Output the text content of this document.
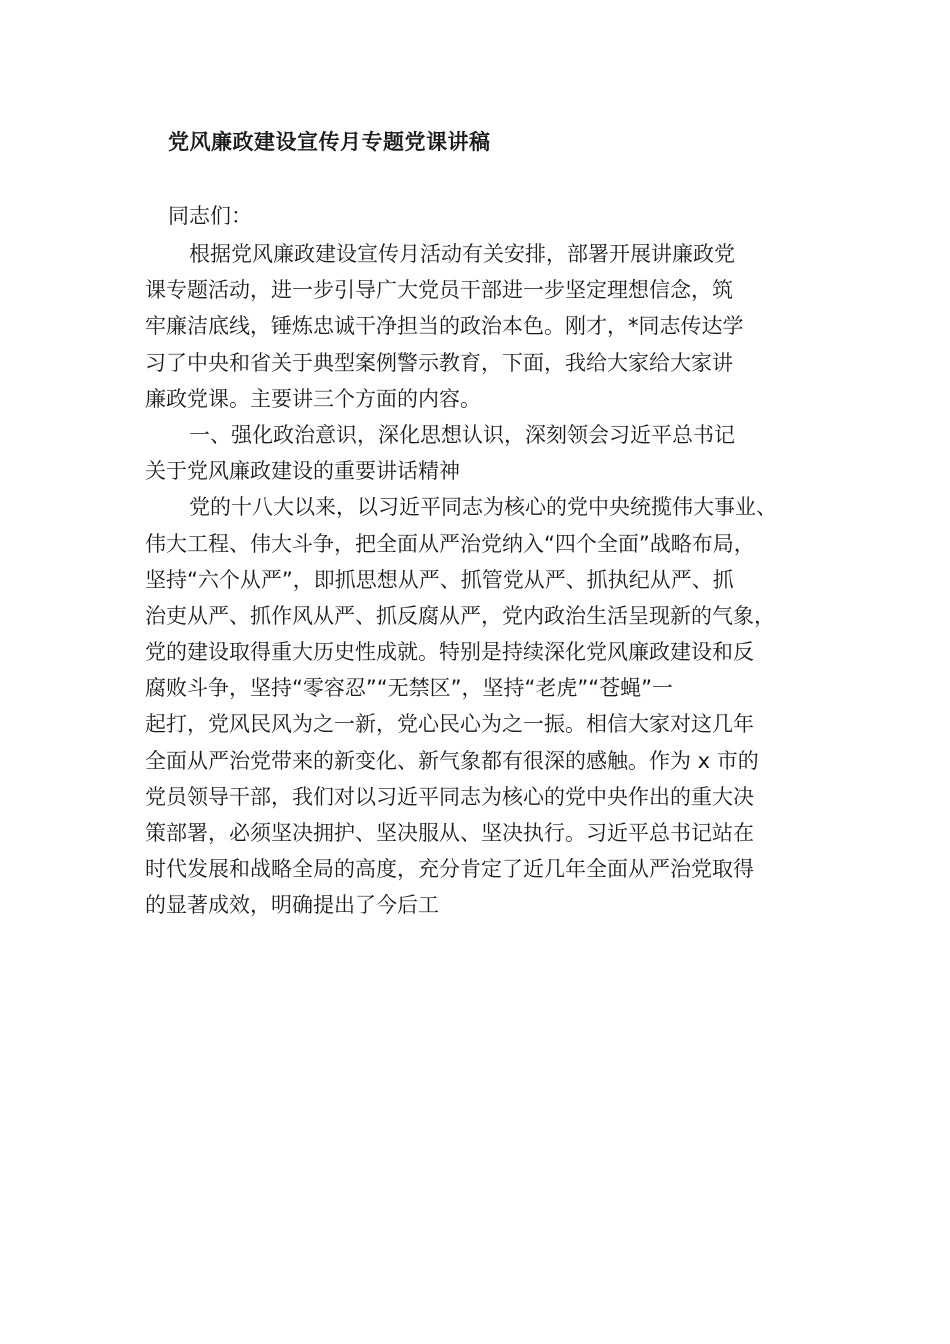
党风廉政建设宣传月专题党课讲稿
同志们：
根据党风廉政建设宣传月活动有关安排，部署开展讲廉政党
课专题活动，进一步引导广大党员干部进一步坚定理想信念，筑
牢廉洁底线，锤炼忠诚干净担当的政治本色。刚才，*同志传达学
习了中央和省关于典型案例警示教育，下面，我给大家给大家讲
廉政党课。主要讲三个方面的内容。
一、强化政治意识，深化思想认识，深刻领会习近平总书记
关于党风廉政建设的重要讲话精神
党的十八大以来，以习近平同志为核心的党中央统揽伟大事业、
伟大工程、伟大斗争，把全面从严治党纳入“四个全面”战略布局，
坚持“六个从严”，即抓思想从严、抓管党从严、抓执纪从严、抓
治吏从严、抓作风从严、抓反腐从严，党内政治生活呈现新的气象，
党的建设取得重大历史性成就。特别是持续深化党风廉政建设和反
腐败斗争，坚持“零容忍”“无禁区”，坚持“老虎”“苍蝇”一
起打，党风民风为之一新，党心民心为之一振。相信大家对这几年
全面从严治党带来的新变化、新气象都有很深的感触。作为 x 市的
党员领导干部，我们对以习近平同志为核心的党中央作出的重大决
策部署，必须坚决拥护、坚决服从、坚决执行。习近平总书记站在
时代发展和战略全局的高度，充分肯定了近几年全面从严治党取得
的显著成效，明确提出了今后工
